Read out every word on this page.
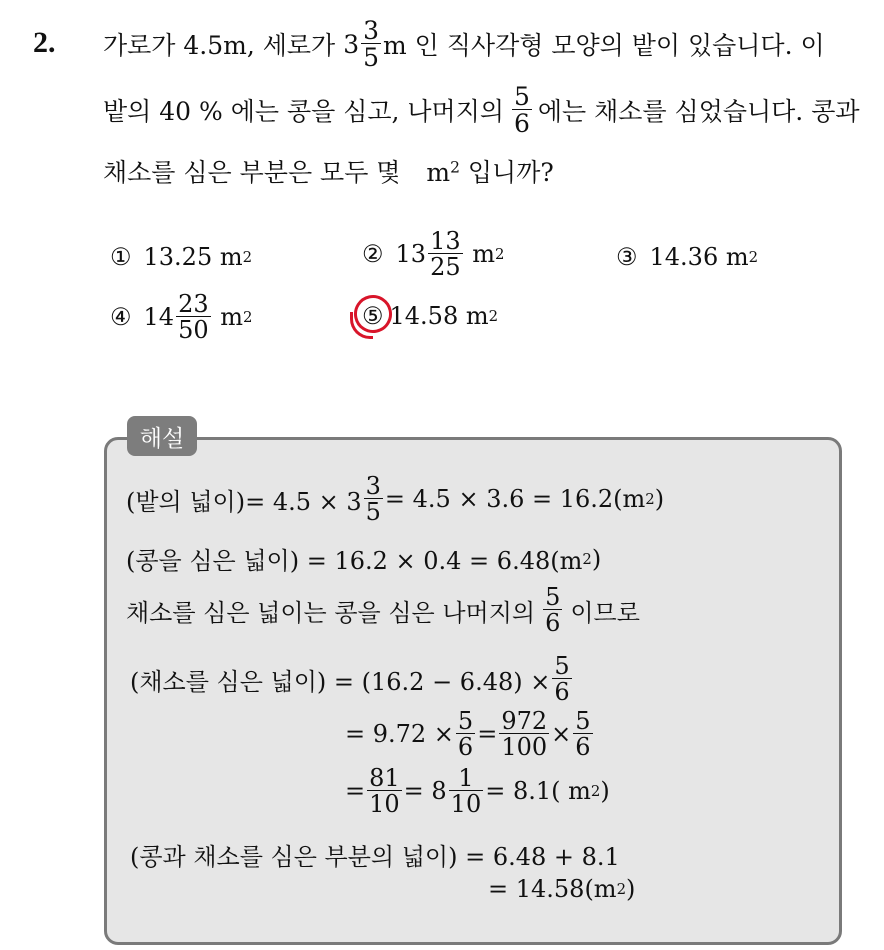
2. 가로가 4.5m, 세로가 $3 \frac{3}{5}$ m 인 직사각형 모양의 밭이 있습니다. 이
밭의 40 % 에는 콩을 심고, 나머지의 $\frac{5}{6}$ 에는 채소를 심었습니다. 콩과
채소를 심은 부분은 모두 몇 $m^2$ 입니까?
① 13.25
m 2	② $13 \frac{13}{25}$
m 2	③ 14.36
m 2
④ $14 \frac{23}{50}$
m 2	⑤ 14.58
m 2
해설
(밭의 넓이)= $4.5 \times 3 \frac{3}{5} = 4.5 \times 3.6 = 16.2(m$ 2 )
(콩을 심은 넓이) = 16.2 × 0.4 = 6.48(m 2 )
채소를 심은 넓이는 콩을 심은 나머지의 $\frac{5}{6}$ 이므로
(채소를 심은 넓이) = $(16.2 - 6.48) \times \frac{5}{6}$
= $9.72 \times \frac{5}{6} = \frac{972}{100} \times \frac{5}{6}$
= $\frac{81}{10} = 8 \frac{1}{10} = 8.1$( m 2 )
(콩과 채소를 심은 부분의 넓이) = 6.48 + 8.1
= 14.58(m 2 )
